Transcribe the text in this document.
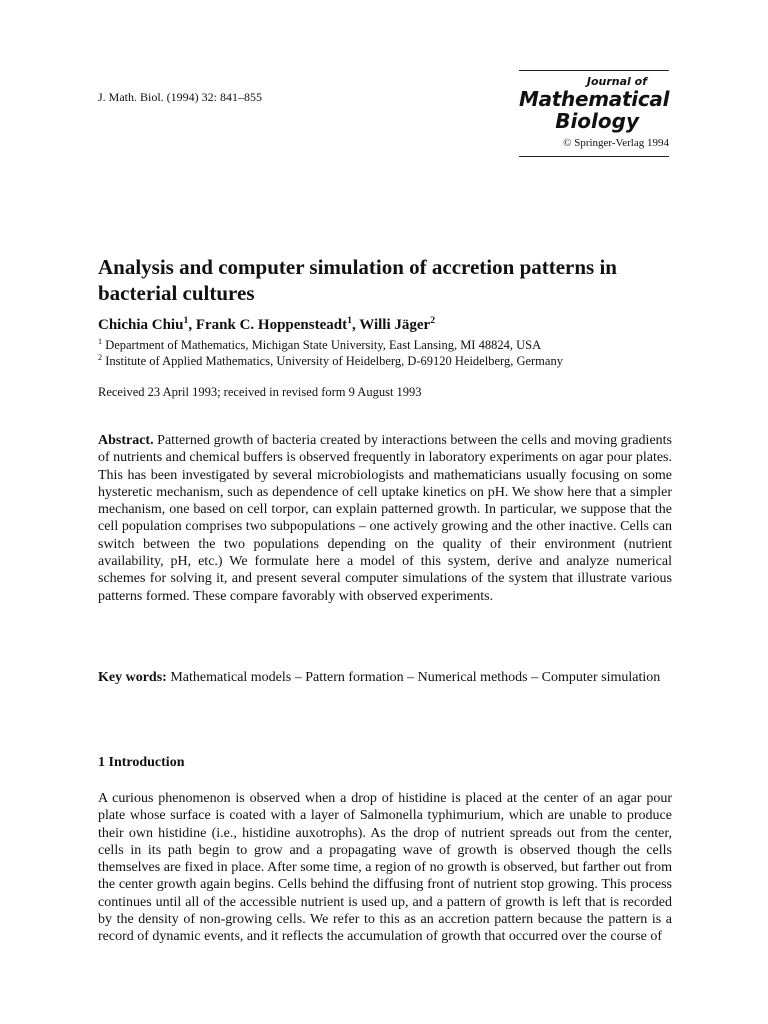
J. Math. Biol. (1994) 32: 841–855
Journal of
Mathematical
Biology
© Springer-Verlag 1994
Analysis and computer simulation of accretion patterns in bacterial cultures
Chichia Chiu$^1$, Frank C. Hoppensteadt$^1$, Willi Jäger$^2$
$^1$ Department of Mathematics, Michigan State University, East Lansing, MI 48824, USA
$^2$ Institute of Applied Mathematics, University of Heidelberg, D-69120 Heidelberg, Germany
Received 23 April 1993; received in revised form 9 August 1993
Abstract. Patterned growth of bacteria created by interactions between the cells and moving gradients of nutrients and chemical buffers is observed frequently in laboratory experiments on agar pour plates. This has been investigated by several microbiologists and mathematicians usually focusing on some hysteretic mechanism, such as dependence of cell uptake kinetics on pH. We show here that a simpler mechanism, one based on cell torpor, can explain patterned growth. In particular, we suppose that the cell population comprises two subpopulations – one actively growing and the other inactive. Cells can switch between the two populations depending on the quality of their environment (nutrient availability, pH, etc.) We formulate here a model of this system, derive and analyze numerical schemes for solving it, and present several computer simulations of the system that illustrate various patterns formed. These compare favorably with observed experiments.
Key words: Mathematical models – Pattern formation – Numerical methods – Computer simulation
1 Introduction
A curious phenomenon is observed when a drop of histidine is placed at the center of an agar pour plate whose surface is coated with a layer of Salmonella typhimurium, which are unable to produce their own histidine (i.e., histidine auxotrophs). As the drop of nutrient spreads out from the center, cells in its path begin to grow and a propagating wave of growth is observed though the cells themselves are fixed in place. After some time, a region of no growth is observed, but farther out from the center growth again begins. Cells behind the diffusing front of nutrient stop growing. This process continues until all of the accessible nutrient is used up, and a pattern of growth is left that is recorded by the density of non-growing cells. We refer to this as an accretion pattern because the pattern is a record of dynamic events, and it reflects the accumulation of growth that occurred over the course of
